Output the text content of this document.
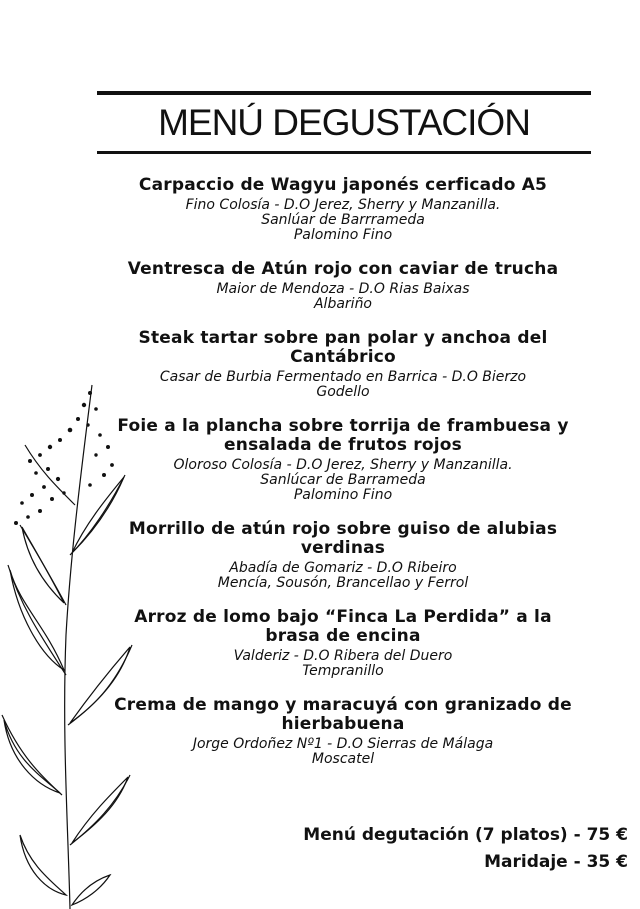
MENÚ DEGUSTACIÓN
Carpaccio de Wagyu japonés cerficado A5
Fino Colosía - D.O Jerez, Sherry y Manzanilla.
Sanlúar de Barrrameda
Palomino Fino
Ventresca de Atún rojo con caviar de trucha
Maior de Mendoza - D.O Rias Baixas
Albariño
Steak tartar sobre pan polar y anchoa del Cantábrico
Casar de Burbia Fermentado en Barrica - D.O Bierzo
Godello
Foie a la plancha sobre torrija de frambuesa y ensalada de frutos rojos
Oloroso Colosía - D.O Jerez, Sherry y Manzanilla.
Sanlúcar de Barrameda
Palomino Fino
Morrillo de atún rojo sobre guiso de alubias verdinas
Abadía de Gomariz - D.O Ribeiro
Mencía, Sousón, Brancellao y Ferrol
Arroz de lomo bajo “Finca La Perdida” a la brasa de encina
Valderiz - D.O Ribera del Duero
Tempranillo
Crema de mango y maracuyá con granizado de hierbabuena
Jorge Ordoñez Nº1 - D.O Sierras de Málaga
Moscatel
Menú degutación (7 platos) - 75 €
Maridaje - 35 €
